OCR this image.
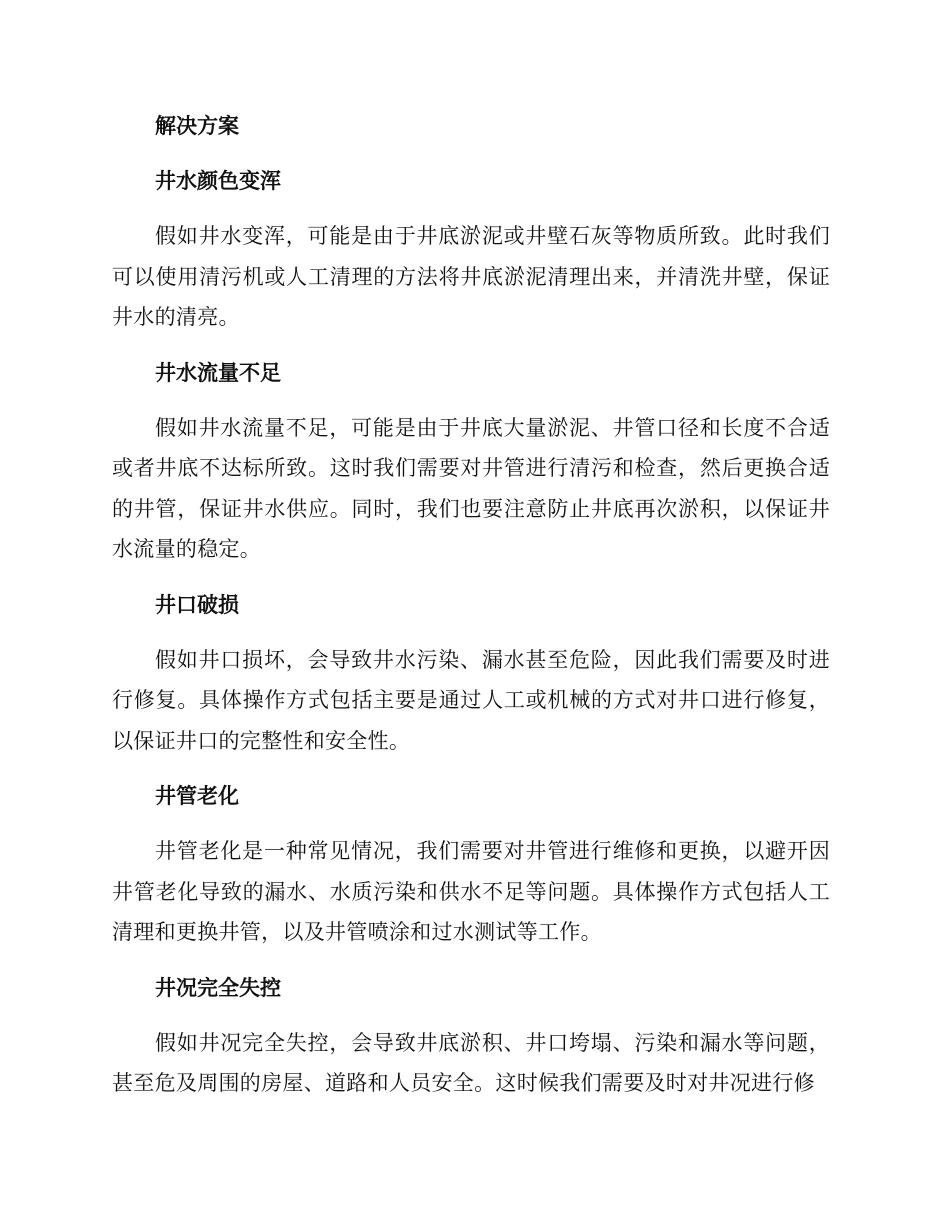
解决方案
井水颜色变浑
假如井水变浑，可能是由于井底淤泥或井壁石灰等物质所致。此时我们可以使用清污机或人工清理的方法将井底淤泥清理出来，并清洗井壁，保证井水的清亮。
井水流量不足
假如井水流量不足，可能是由于井底大量淤泥、井管口径和长度不合适或者井底不达标所致。这时我们需要对井管进行清污和检查，然后更换合适的井管，保证井水供应。同时，我们也要注意防止井底再次淤积，以保证井水流量的稳定。
井口破损
假如井口损坏，会导致井水污染、漏水甚至危险，因此我们需要及时进行修复。具体操作方式包括主要是通过人工或机械的方式对井口进行修复，以保证井口的完整性和安全性。
井管老化
井管老化是一种常见情况，我们需要对井管进行维修和更换，以避开因井管老化导致的漏水、水质污染和供水不足等问题。具体操作方式包括人工清理和更换井管，以及井管喷涂和过水测试等工作。
井况完全失控
假如井况完全失控，会导致井底淤积、井口垮塌、污染和漏水等问题，甚至危及周围的房屋、道路和人员安全。这时候我们需要及时对井况进行修
